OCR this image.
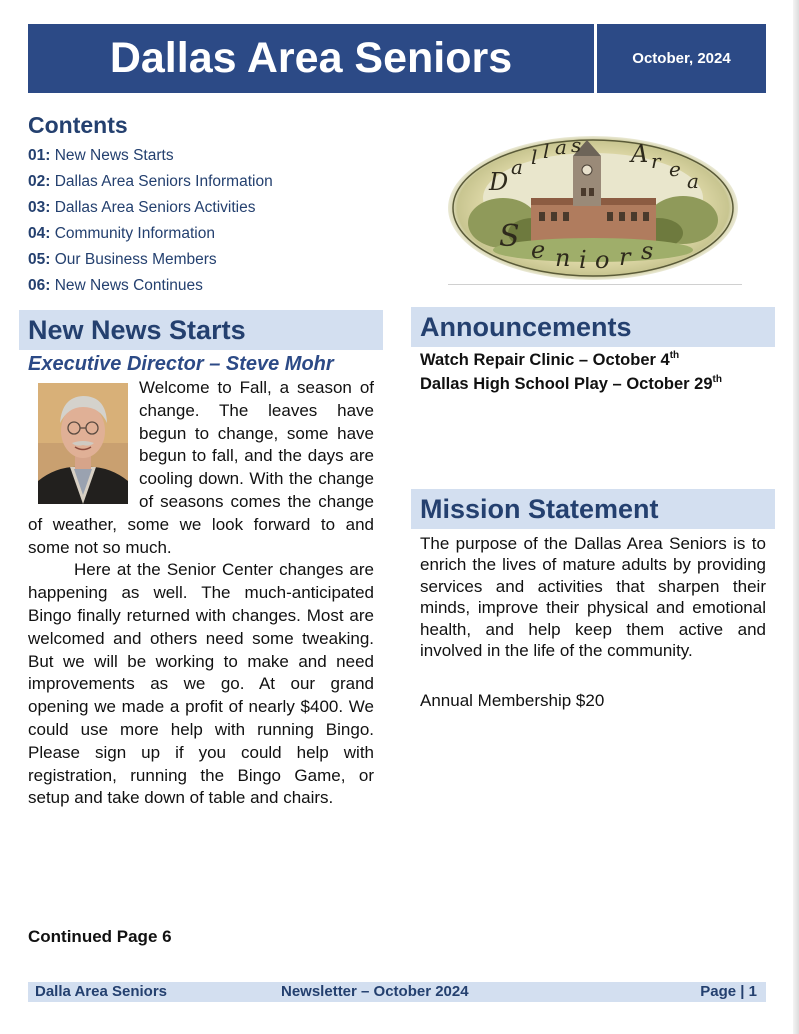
Dallas Area Seniors	October, 2024
Contents
01: New News Starts
02: Dallas Area Seniors Information
03: Dallas Area Seniors Activities
04: Community Information
05: Our Business Members
06: New News Continues
D
a l l a s A r e a
S e n i o r s
New News Starts	Announcements
Mission Statement
Executive Director – Steve Mohr

Welcome to Fall, a season of change. The leaves have begun to change, some have begun to fall, and the days are cooling down. With the change of seasons comes the change of weather, some we look forward to and some not so much.

Here at the Senior Center changes are happening as well. The much-anticipated Bingo finally returned with changes. Most are welcomed and others need some tweaking. But we will be working to make and need improvements as we go. At our grand opening we made a profit of nearly $400. We could use more help with running Bingo. Please sign up if you could help with registration, running the Bingo Game, or setup and take down of table and chairs.

Continued Page 6
Watch Repair Clinic – October 4th
Dallas High School Play – October 29th
The purpose of the Dallas Area Seniors is to enrich the lives of mature adults by providing services and activities that sharpen their minds, improve their physical and emotional health, and help keep them active and involved in the life of the community.
Annual Membership $20
Dalla Area Seniors	Newsletter – October 2024	Page | 1
